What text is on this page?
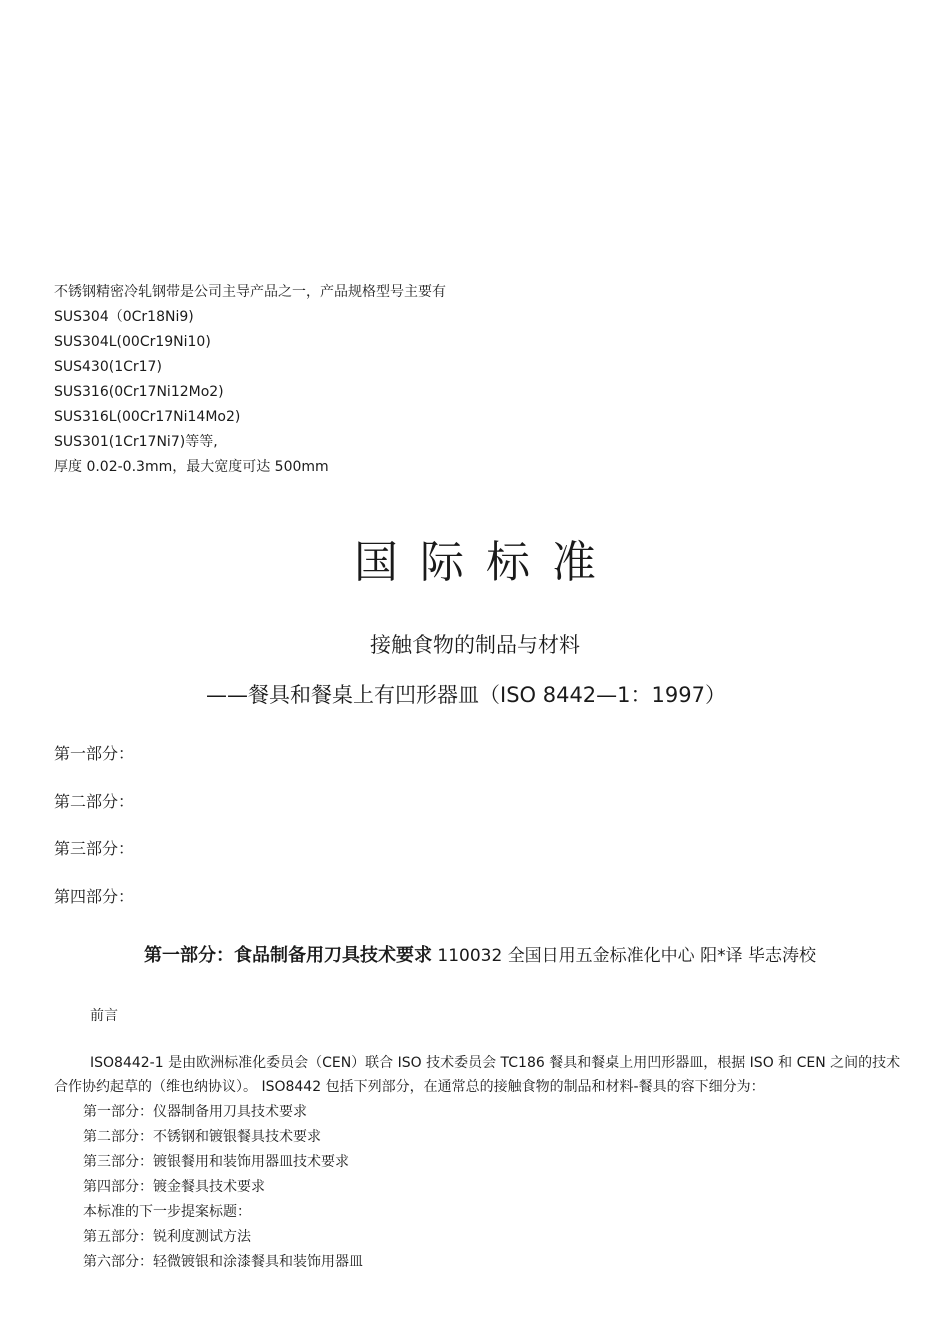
不锈钢精密冷轧钢带是公司主导产品之一，产品规格型号主要有
SUS304（0Cr18Ni9)
SUS304L(00Cr19Ni10)
SUS430(1Cr17)
SUS316(0Cr17Ni12Mo2)
SUS316L(00Cr17Ni14Mo2)
SUS301(1Cr17Ni7)等等,
厚度 0.02-0.3mm，最大宽度可达 500mm
国际标准
接触食物的制品与材料
——餐具和餐桌上有凹形器皿（ISO 8442—1：1997）
第一部分：
第二部分：
第三部分：
第四部分：
第一部分：食品制备用刀具技术要求 110032 全国日用五金标准化中心 阳*译 毕志涛校
前言
ISO8442-1 是由欧洲标准化委员会（CEN）联合 ISO 技术委员会 TC186 餐具和餐桌上用凹形器皿，根据 ISO 和 CEN 之间的技术合作协约起草的（维也纳协议）。 ISO8442 包括下列部分，在通常总的接触食物的制品和材料-餐具的容下细分为：
第一部分：仪器制备用刀具技术要求
第二部分：不锈钢和镀银餐具技术要求
第三部分：镀银餐用和装饰用器皿技术要求
第四部分：镀金餐具技术要求
本标准的下一步提案标题：
第五部分：锐利度测试方法
第六部分：轻微镀银和涂漆餐具和装饰用器皿
